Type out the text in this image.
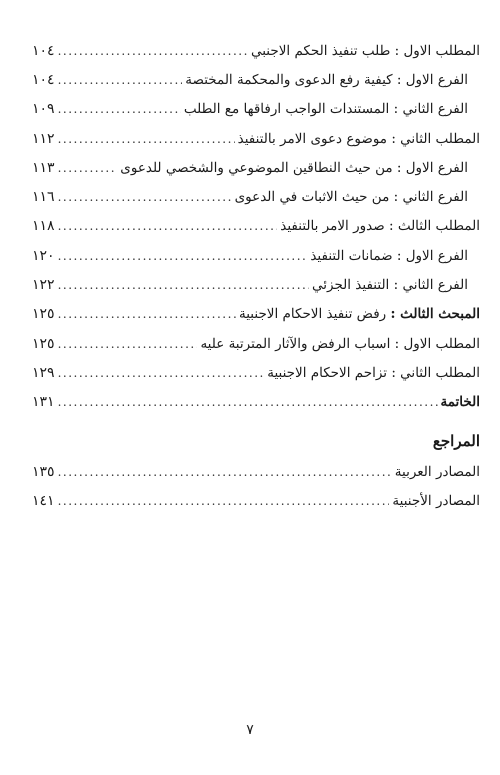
المطلب الاول : طلب تنفيذ الحكم الاجنبي
.....
١٠٤
الفرع الاول : كيفية رفع الدعوى والمحكمة المختصة
.....
١٠٤
الفرع الثاني : المستندات الواجب ارفاقها مع الطلب
.....
١٠٩
المطلب الثاني : موضوع دعوى الامر بالتنفيذ
.....
١١٢
الفرع الاول : من حيث النطاقين الموضوعي والشخصي للدعوى
.....
١١٣
الفرع الثاني : من حيث الاثبات في الدعوى
.....
١١٦
المطلب الثالث : صدور الامر بالتنفيذ
.....
١١٨
الفرع الاول : ضمانات التنفيذ
.....
١٢٠
الفرع الثاني : التنفيذ الجزئي
.....
١٢٢
المبحث الثالث : رفض تنفيذ الاحكام الاجنبية
.....
١٢٥
المطلب الاول : اسباب الرفض والآثار المترتبة عليه
.....
١٢٥
المطلب الثاني : تزاحم الاحكام الاجنبية
.....
١٢٩
الخاتمة
.....
١٣١
المراجع
المصادر العربية
.....
١٣٥
المصادر الأجنبية
.....
١٤١
٧
